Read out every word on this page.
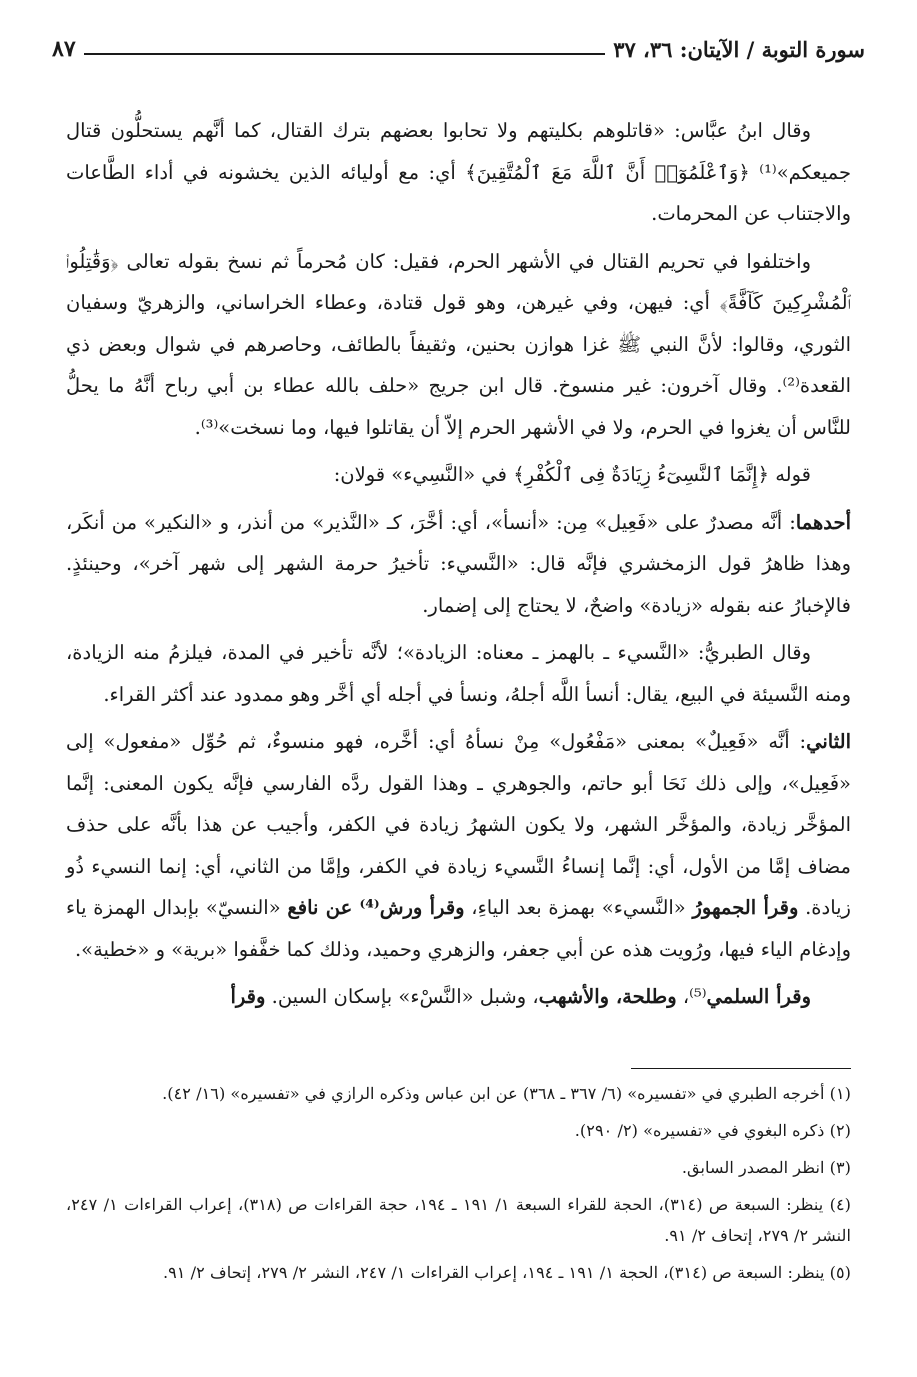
سورة التوبة / الآيتان: ٣٦، ٣٧
٨٧

وقال ابنُ عبَّاس: «قاتلوهم بكليتهم ولا تحابوا بعضهم بترك القتال، كما أنَّهم يستحلُّون قتال جميعكم»⁽¹⁾ ﴿وَٱعْلَمُوٓا۟ أَنَّ ٱللَّهَ مَعَ ٱلْمُتَّقِينَ﴾ أي: مع أوليائه الذين يخشونه في أداء الطَّاعات والاجتناب عن المحرمات.

واختلفوا في تحريم القتال في الأشهر الحرم، فقيل: كان مُحرماً ثم نسخ بقوله تعالى ﴿وَقَٰتِلُوا۟ ٱلْمُشْرِكِينَ كَآفَّةً﴾ أي: فيهن، وفي غيرهن، وهو قول قتادة، وعطاء الخراساني، والزهريّ وسفيان الثوري، وقالوا: لأنَّ النبي ﷺ غزا هوازن بحنين، وثقيفاً بالطائف، وحاصرهم في شوال وبعض ذي القعدة⁽²⁾. وقال آخرون: غير منسوخ. قال ابن جريج «حلف بالله عطاء بن أبي رباح أنَّهُ ما يحلُّ للنَّاس أن يغزوا في الحرم، ولا في الأشهر الحرم إلاّ أن يقاتلوا فيها، وما نسخت»⁽³⁾.

قوله ﴿إِنَّمَا ٱلنَّسِىٓءُ زِيَادَةٌ فِى ٱلْكُفْرِ﴾ في «النَّسِيء» قولان:

أحدهما: أنَّه مصدرٌ على «فَعِيل» مِن: «أنسأ»، أي: أخَّرَ، كـ «النَّذير» من أنذر، و «النكير» من أنكَر، وهذا ظاهرُ قول الزمخشري فإنَّه قال: «النَّسيء: تأخيرُ حرمة الشهر إلى شهر آخر»، وحينئذٍ. فالإخبارُ عنه بقوله «زيادة» واضحٌ، لا يحتاج إلى إضمار.

وقال الطبريُّ: «النَّسيء ـ بالهمز ـ معناه: الزيادة»؛ لأنَّه تأخير في المدة، فيلزمُ منه الزيادة، ومنه النَّسيئة في البيع، يقال: أنسأ اللَّه أجلهُ، ونسأ في أجله أي أخَّر وهو ممدود عند أكثر القراء.

الثاني: أنَّه «فَعِيلٌ» بمعنى «مَفْعُول» مِنْ نسأهُ أي: أخَّره، فهو منسوءٌ، ثم حُوِّل «مفعول» إلى «فَعِيل»، وإلى ذلك نَحَا أبو حاتم، والجوهري ـ وهذا القول ردَّه الفارسي فإنَّه يكون المعنى: إنَّما المؤخَّر زيادة، والمؤخَّر الشهر، ولا يكون الشهرُ زيادة في الكفر، وأجيب عن هذا بأنَّه على حذف مضاف إمَّا من الأول، أي: إنَّما إنساءُ النَّسيء زيادة في الكفر، وإمَّا من الثاني، أي: إنما النسيء ذُو زيادة. وقرأ الجمهورُ «النَّسيء» بهمزة بعد الياءِ، وقرأ ورش⁽⁴⁾ عن نافع «النسيّ» بإبدال الهمزة ياء وإدغام الياء فيها، ورُويت هذه عن أبي جعفر، والزهري وحميد، وذلك كما خفَّفوا «برية» و «خطية».

وقرأ السلمي⁽⁵⁾، وطلحة، والأشهب، وشبل «النَّسْء» بإسكان السين. وقرأ

(١) أخرجه الطبري في «تفسيره» (٦/ ٣٦٧ ـ ٣٦٨) عن ابن عباس وذكره الرازي في «تفسيره» (١٦/ ٤٢).

(٢) ذكره البغوي في «تفسيره» (٢/ ٢٩٠).

(٣) انظر المصدر السابق.

(٤) ينظر: السبعة ص (٣١٤)، الحجة للقراء السبعة ١/ ١٩١ ـ ١٩٤، حجة القراءات ص (٣١٨)، إعراب القراءات ١/ ٢٤٧، النشر ٢/ ٢٧٩، إتحاف ٢/ ٩١.

(٥) ينظر: السبعة ص (٣١٤)، الحجة ١/ ١٩١ ـ ١٩٤، إعراب القراءات ١/ ٢٤٧، النشر ٢/ ٢٧٩، إتحاف ٢/ ٩١.
